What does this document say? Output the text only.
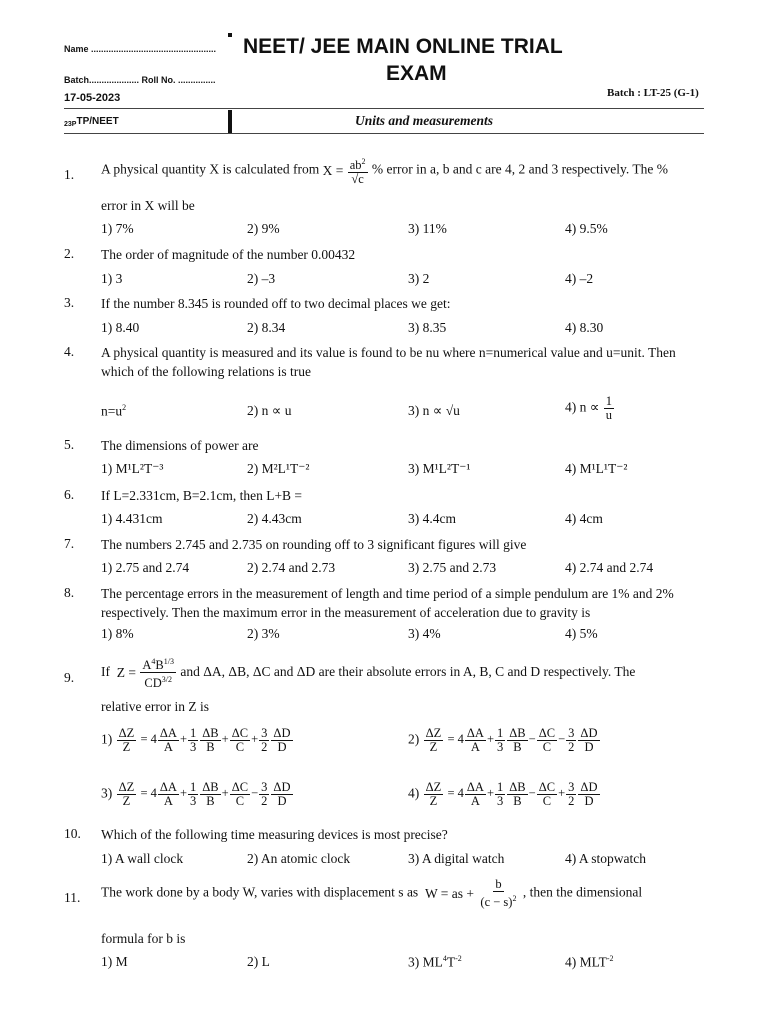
Name .................................................. NEET/ JEE MAIN ONLINE TRIAL
EXAM
Batch.................... Roll No. ...............
Batch : LT-25 (G-1)
17-05-2023
23PTP/NEET	Units and measurements
1. A physical quantity X is calculated from $X = \frac{ab^2}{√c}$ % error in a, b and c are 4, 2 and 3 respectively. The %
error in X will be
1) 7%	2) 9%	3) 11%	4) 9.5%
2. The order of magnitude of the number 0.00432
1) 3	2) –3	3) 2	4) –2
3. If the number 8.345 is rounded off to two decimal places we get:
1) 8.40	2) 8.34	3) 8.35	4) 8.30
4. A physical quantity is measured and its value is found to be nu where n=numerical value and u=unit. Then which of the following relations is true
$n=u^2$	2) n ∝ u	3) n ∝ √u	4) $n \propto \frac{1}{u}$
5. The dimensions of power are
1) M¹L²T⁻³	2) M²L¹T⁻²	3) M¹L²T⁻¹	4) M¹L¹T⁻²
6. If L=2.331cm, B=2.1cm, then L+B =
1) 4.431cm	2) 4.43cm	3) 4.4cm	4) 4cm
7. The numbers 2.745 and 2.735 on rounding off to 3 significant figures will give
1) 2.75 and 2.74	2) 2.74 and 2.73	3) 2.75 and 2.73	4) 2.74 and 2.74
8. The percentage errors in the measurement of length and time period of a simple pendulum are 1% and 2% respectively. Then the maximum error in the measurement of acceleration due to gravity is
1) 8%	2) 3%	3) 4%	4) 5%
9. If  $Z = \frac{A^4B^{1/3}}{CD^{3/2}}$ and ΔA, ΔB, ΔC and ΔD are their absolute errors in A, B, C and D respectively. The
relative error in Z is
$1) \frac{\Delta Z}{Z} = 4 \frac{\Delta A}{A} + \frac{1}{3} \frac{\Delta B}{B} + \frac{\Delta C}{C} + \frac{3}{2} \frac{\Delta D}{D}$	$2) \frac{\Delta Z}{Z} = 4 \frac{\Delta A}{A} + \frac{1}{3} \frac{\Delta B}{B} - \frac{\Delta C}{C} - \frac{3}{2} \frac{\Delta D}{D}$
$3) \frac{\Delta Z}{Z} = 4 \frac{\Delta A}{A} + \frac{1}{3} \frac{\Delta B}{B} + \frac{\Delta C}{C} - \frac{3}{2} \frac{\Delta D}{D}$	$4) \frac{\Delta Z}{Z} = 4 \frac{\Delta A}{A} + \frac{1}{3} \frac{\Delta B}{B} - \frac{\Delta C}{C} + \frac{3}{2} \frac{\Delta D}{D}$
10. Which of the following time measuring devices is most precise?
1) A wall clock	2) An atomic clock	3) A digital watch	4) A stopwatch
11. The work done by a body W, varies with displacement s as  W = as + $\frac{b}{(c - s)^2}$ , then the dimensional
formula for b is
1) M	2) L	3) $ML^4T^{-2}$	4) $MLT^{-2}$
